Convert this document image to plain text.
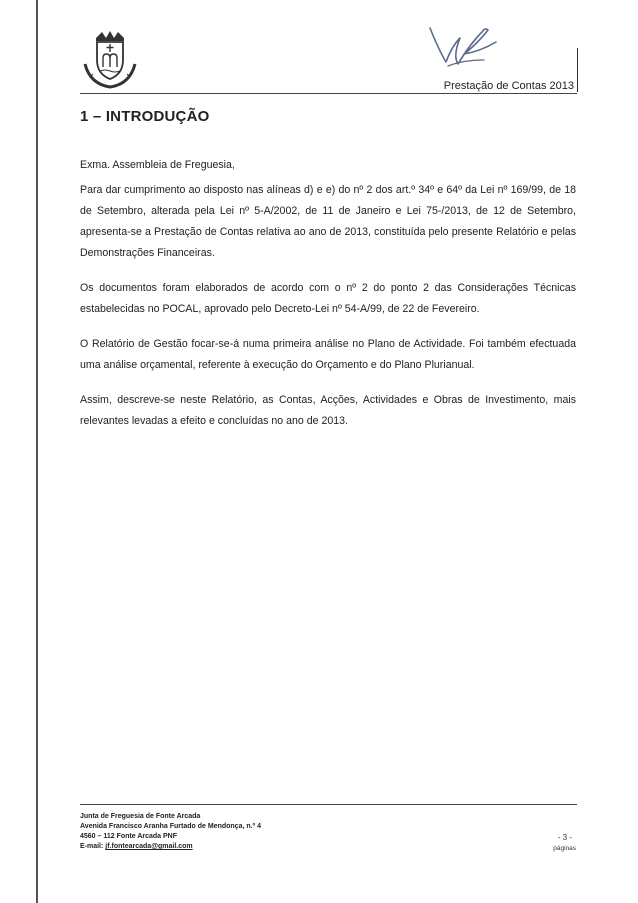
Prestação de Contas 2013
1 – INTRODUÇÃO

Exma. Assembleia de Freguesia,

Para dar cumprimento ao disposto nas alíneas d) e e) do nº 2 dos art.º 34º e 64º da Lei nº 169/99, de 18 de Setembro, alterada pela Lei nº 5-A/2002, de 11 de Janeiro e Lei 75-/2013, de 12 de Setembro, apresenta-se a Prestação de Contas relativa ao ano de 2013, constituída pelo presente Relatório e pelas Demonstrações Financeiras.

Os documentos foram elaborados de acordo com o nº 2 do ponto 2 das Considerações Técnicas estabelecidas no POCAL, aprovado pelo Decreto-Lei nº 54-A/99, de 22 de Fevereiro.

O Relatório de Gestão focar-se-á numa primeira análise no Plano de Actividade. Foi também efectuada uma análise orçamental, referente à execução do Orçamento e do Plano Plurianual.

Assim, descreve-se neste Relatório, as Contas, Acções, Actividades e Obras de Investimento, mais relevantes levadas a efeito e concluídas no ano de 2013.

Junta de Freguesia de Fonte Arcada
Avenida Francisco Aranha Furtado de Mendonça, n.º 4
4560 – 112 Fonte Arcada PNF
E-mail: jf.fontearcada@gmail.com
- 3 -
páginas
